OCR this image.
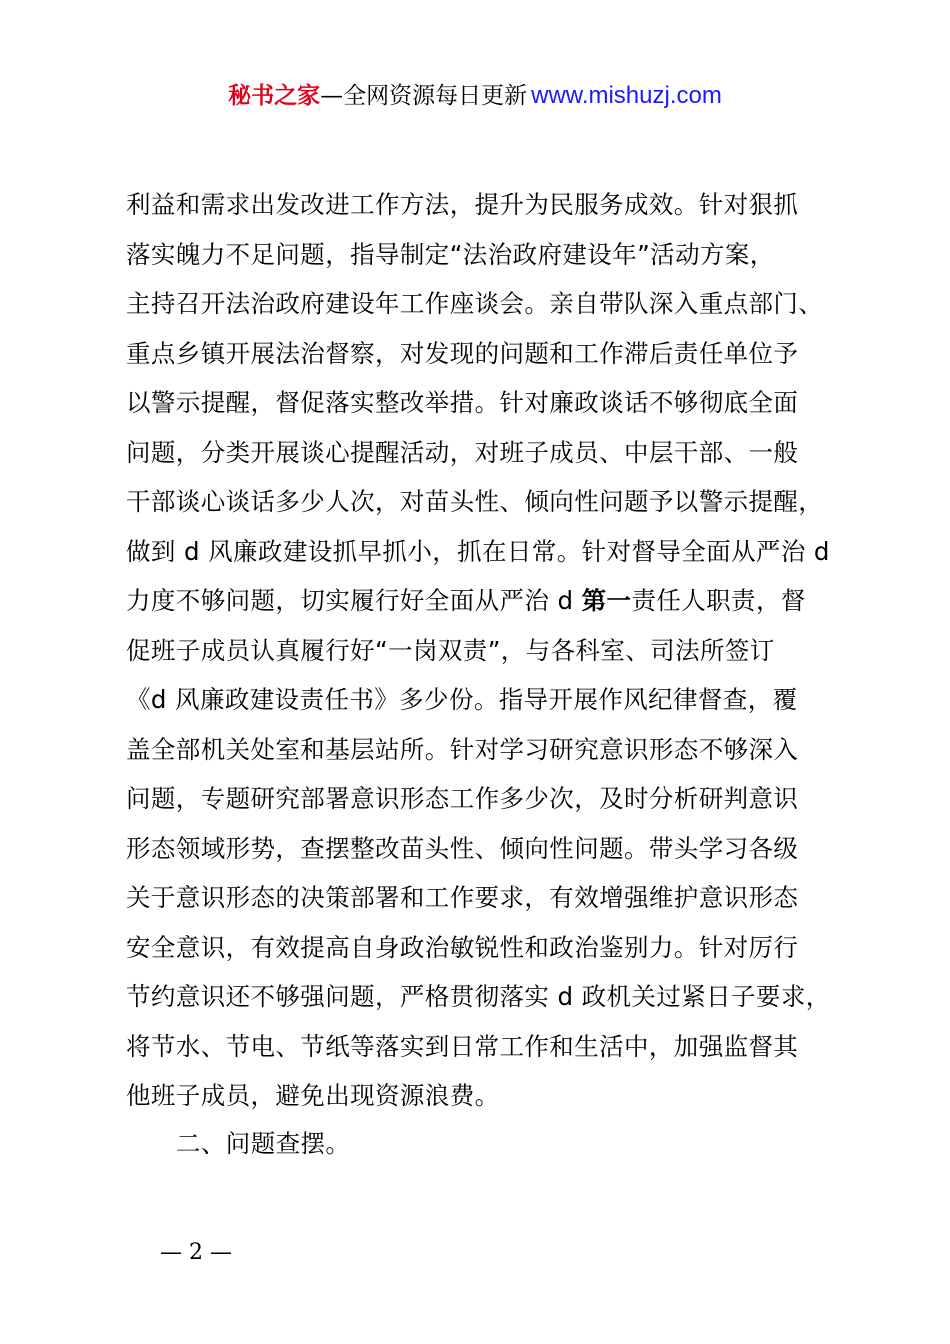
秘书之家—全网资源每日更新 www.mishuzj.com
利益和需求出发改进工作方法，提升为民服务成效。针对狠抓
落实魄力不足问题，指导制定“法治政府建设年”活动方案，
主持召开法治政府建设年工作座谈会。亲自带队深入重点部门、
重点乡镇开展法治督察，对发现的问题和工作滞后责任单位予
以警示提醒，督促落实整改举措。针对廉政谈话不够彻底全面
问题，分类开展谈心提醒活动，对班子成员、中层干部、一般
干部谈心谈话多少人次，对苗头性、倾向性问题予以警示提醒，
做到 d 风廉政建设抓早抓小，抓在日常。针对督导全面从严治 d
力度不够问题，切实履行好全面从严治 d 第一责任人职责，督
促班子成员认真履行好“一岗双责”，与各科室、司法所签订
《d 风廉政建设责任书》多少份。指导开展作风纪律督查，覆
盖全部机关处室和基层站所。针对学习研究意识形态不够深入
问题，专题研究部署意识形态工作多少次，及时分析研判意识
形态领域形势，查摆整改苗头性、倾向性问题。带头学习各级
关于意识形态的决策部署和工作要求，有效增强维护意识形态
安全意识，有效提高自身政治敏锐性和政治鉴别力。针对厉行
节约意识还不够强问题，严格贯彻落实 d 政机关过紧日子要求，
将节水、节电、节纸等落实到日常工作和生活中，加强监督其
他班子成员，避免出现资源浪费。
二、问题查摆。
— 2 —
